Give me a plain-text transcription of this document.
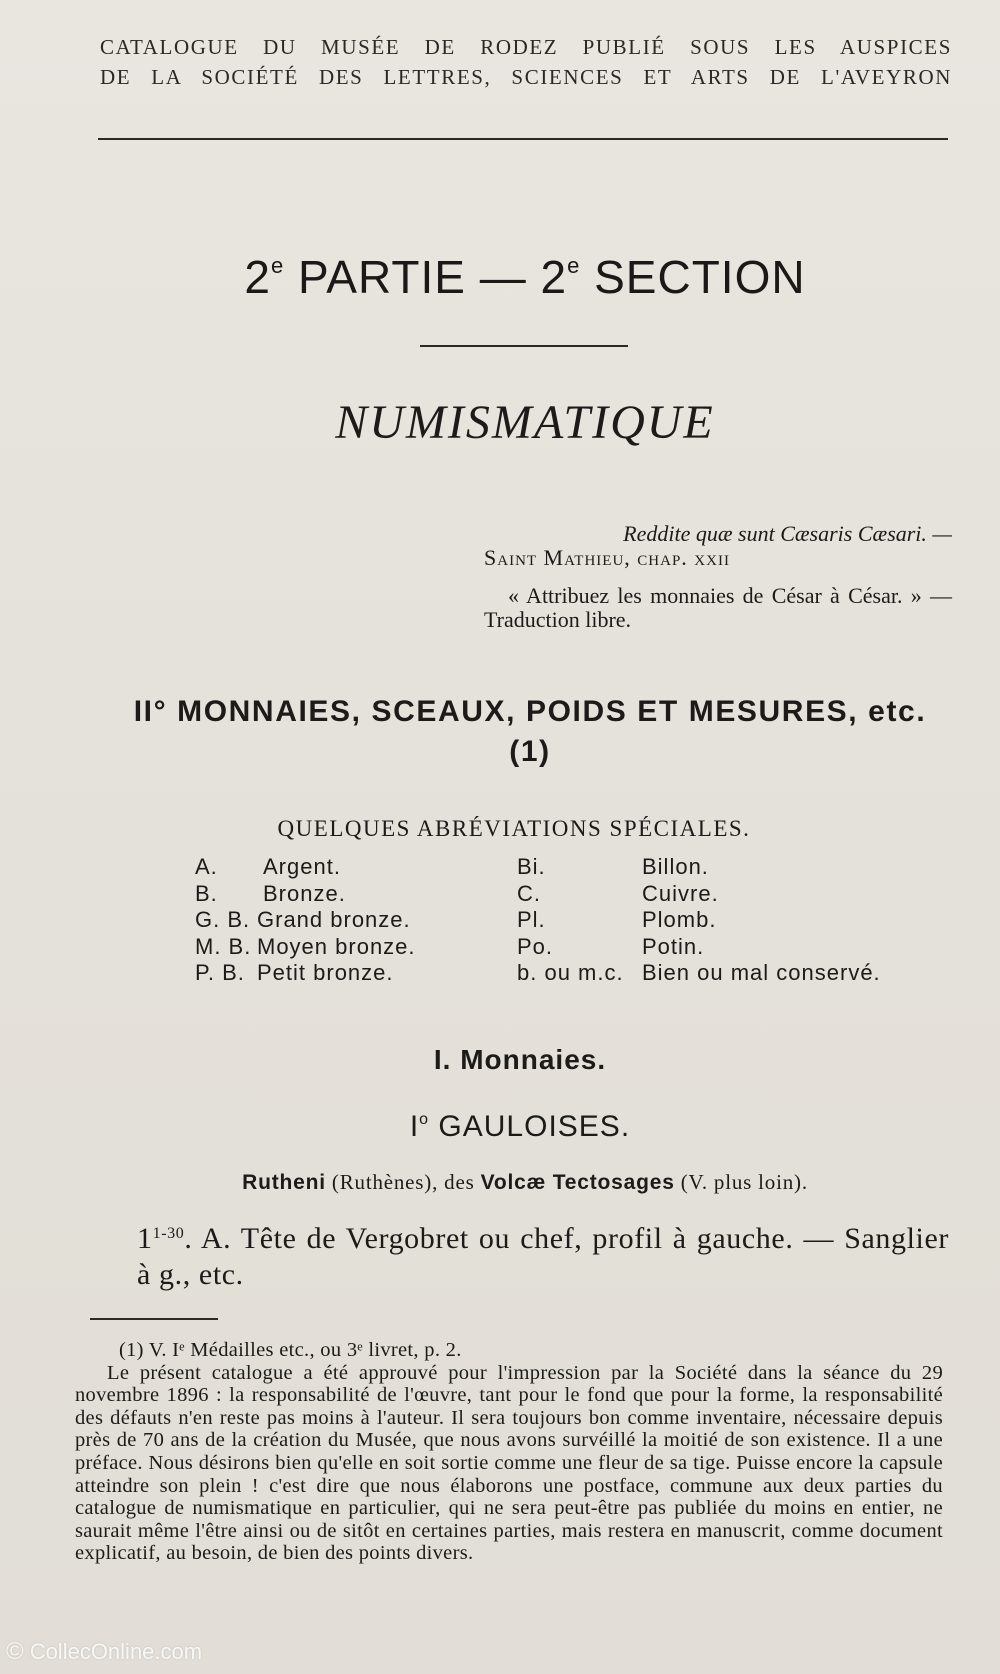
CATALOGUE DU MUSÉE DE RODEZ PUBLIÉ SOUS LES AUSPICES
DE LA SOCIÉTÉ DES LETTRES, SCIENCES ET ARTS DE L'AVEYRON
2e PARTIE — 2e SECTION
NUMISMATIQUE
Reddite quæ sunt Cæsaris Cæsari. —
Saint Mathieu, chap. xxii
« Attribuez les monnaies de César à César. » — Traduction libre.
II° MONNAIES, SCEAUX, POIDS ET MESURES, etc. (1)
QUELQUES ABRÉVIATIONS SPÉCIALES.
A. Argent.	Bi.	Billon.
B. Bronze.	C.	Cuivre.
G. B. Grand bronze.	Pl.	Plomb.
M. B. Moyen bronze.	Po.	Potin.
P. B. Petit bronze.	b. ou m.c. Bien ou mal conservé.
I. Monnaies.
$I^o$ GAULOISES.
Rutheni (Ruthènes), des Volcæ Tectosages (V. plus loin).
1$^{1-30}$. A. Tête de Vergobret ou chef, profil à gauche. — Sanglier à g., etc.
(1) V. Iᵉ Médailles etc., ou 3ᵉ livret, p. 2.
Le présent catalogue a été approuvé pour l'impression par la Société dans la séance du 29 novembre 1896 : la responsabilité de l'œuvre, tant pour le fond que pour la forme, la responsabilité des défauts n'en reste pas moins à l'auteur. Il sera toujours bon comme inventaire, nécessaire depuis près de 70 ans de la création du Musée, que nous avons survéillé la moitié de son existence. Il a une préface. Nous désirons bien qu'elle en soit sortie comme une fleur de sa tige. Puisse encore la capsule atteindre son plein ! c'est dire que nous élaborons une postface, commune aux deux parties du catalogue de numismatique en particulier, qui ne sera peut-être pas publiée du moins en entier, ne saurait même l'être ainsi ou de sitôt en certaines parties, mais restera en manuscrit, comme document explicatif, au besoin, de bien des points divers.
© CollecOnline.com
